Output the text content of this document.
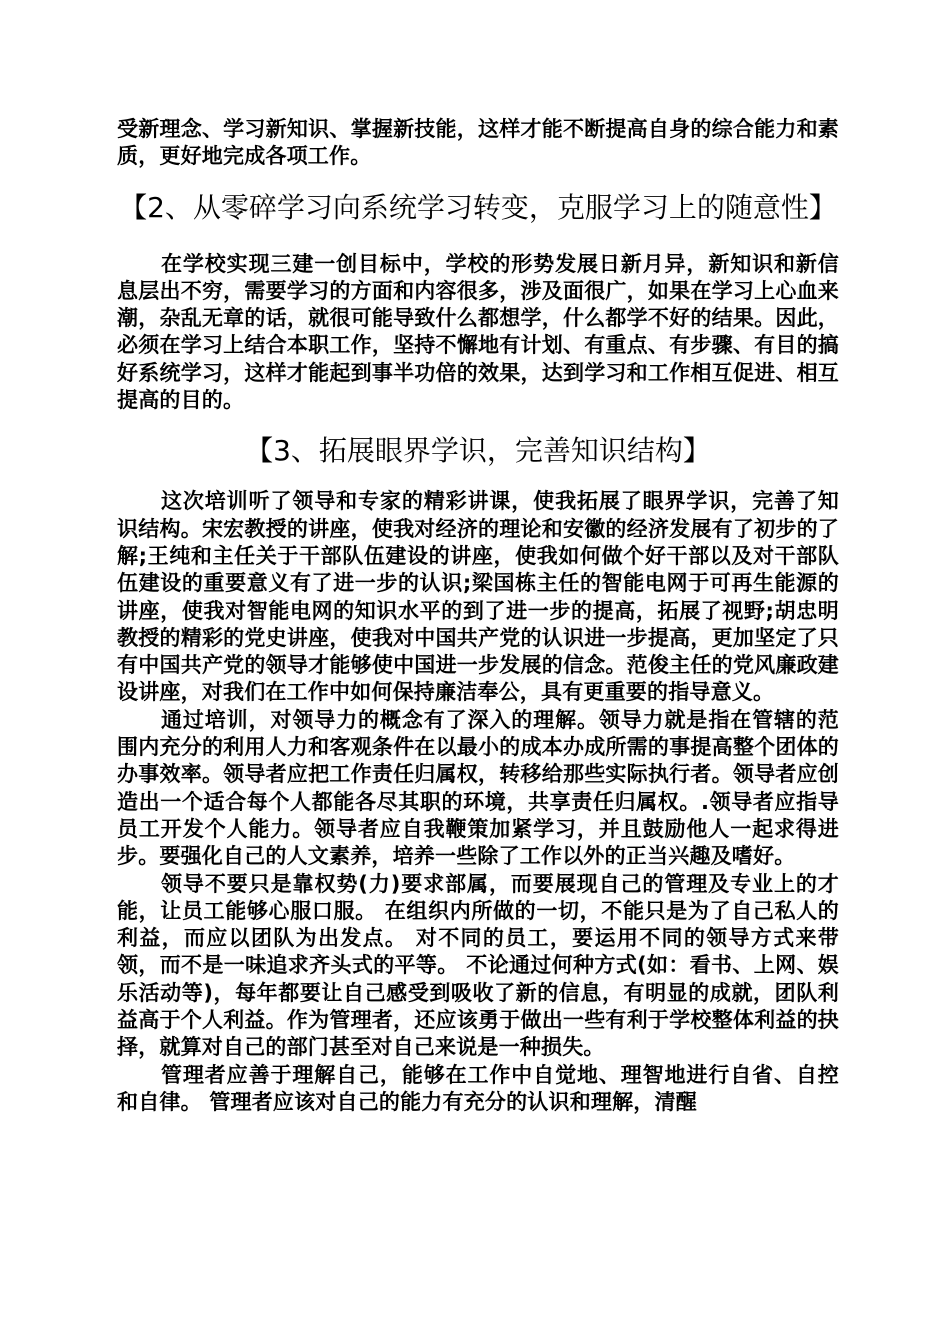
受新理念、学习新知识、掌握新技能，这样才能不断提高自身的综合能力和素质，更好地完成各项工作。

【2、从零碎学习向系统学习转变，克服学习上的随意性】

在学校实现三建一创目标中，学校的形势发展日新月异，新知识和新信息层出不穷，需要学习的方面和内容很多，涉及面很广，如果在学习上心血来潮，杂乱无章的话，就很可能导致什么都想学，什么都学不好的结果。因此，必须在学习上结合本职工作，坚持不懈地有计划、有重点、有步骤、有目的搞好系统学习，这样才能起到事半功倍的效果，达到学习和工作相互促进、相互提高的目的。

【3、拓展眼界学识，完善知识结构】

这次培训听了领导和专家的精彩讲课，使我拓展了眼界学识，完善了知识结构。宋宏教授的讲座，使我对经济的理论和安徽的经济发展有了初步的了解;王纯和主任关于干部队伍建设的讲座，使我如何做个好干部以及对干部队伍建设的重要意义有了进一步的认识;梁国栋主任的智能电网于可再生能源的讲座，使我对智能电网的知识水平的到了进一步的提高，拓展了视野;胡忠明教授的精彩的党史讲座，使我对中国共产党的认识进一步提高，更加坚定了只有中国共产党的领导才能够使中国进一步发展的信念。范俊主任的党风廉政建设讲座，对我们在工作中如何保持廉洁奉公，具有更重要的指导意义。

通过培训，对领导力的概念有了深入的理解。领导力就是指在管辖的范围内充分的利用人力和客观条件在以最小的成本办成所需的事提高整个团体的办事效率。领导者应把工作责任归属权，转移给那些实际执行者。领导者应创造出一个适合每个人都能各尽其职的环境，共享责任归属权。.领导者应指导员工开发个人能力。领导者应自我鞭策加紧学习，并且鼓励他人一起求得进步。要强化自己的人文素养，培养一些除了工作以外的正当兴趣及嗜好。

领导不要只是靠权势(力)要求部属，而要展现自己的管理及专业上的才能，让员工能够心服口服。 在组织内所做的一切，不能只是为了自己私人的利益，而应以团队为出发点。 对不同的员工，要运用不同的领导方式来带领，而不是一味追求齐头式的平等。 不论通过何种方式(如：看书、上网、娱乐活动等)，每年都要让自己感受到吸收了新的信息，有明显的成就，团队利益高于个人利益。作为管理者，还应该勇于做出一些有利于学校整体利益的抉择，就算对自己的部门甚至对自己来说是一种损失。

管理者应善于理解自己，能够在工作中自觉地、理智地进行自省、自控和自律。 管理者应该对自己的能力有充分的认识和理解，清醒
